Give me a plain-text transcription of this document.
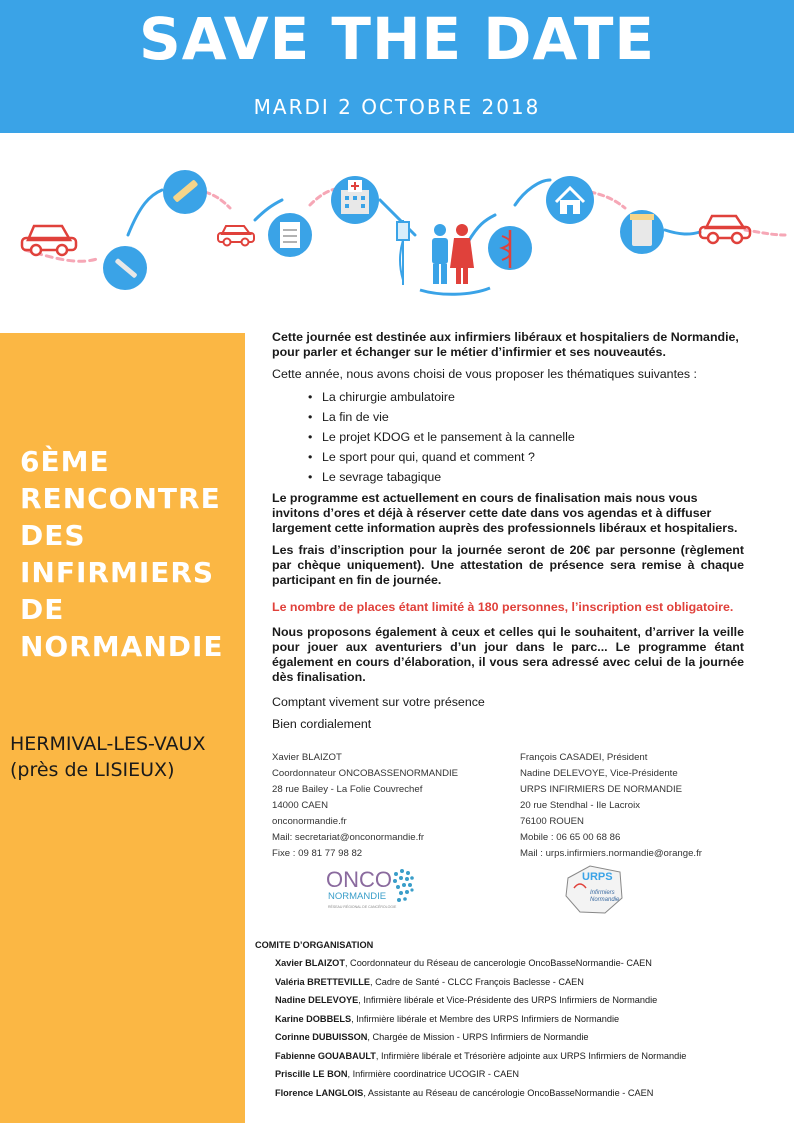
SAVE THE DATE
MARDI 2 OCTOBRE 2018
6ÈME
RENCONTRE
DES
INFIRMIERS
DE
NORMANDIE
HERMIVAL-LES-VAUX
(près de LISIEUX)

Cette journée est destinée aux infirmiers libéraux et hospitaliers de Normandie, pour parler et échanger sur le métier d’infirmier et ses nouveautés.

Cette année, nous avons choisi de vous proposer les thématiques suivantes :

• La chirurgie ambulatoire
• La fin de vie
• Le projet KDOG et le pansement à la cannelle
• Le sport pour qui, quand et comment ?
• Le sevrage tabagique

Le programme est actuellement en cours de finalisation mais nous vous invitons d’ores et déjà à réserver cette date dans vos agendas et à diffuser largement cette information auprès des professionnels libéraux et hospitaliers.

Les frais d’inscription pour la journée seront de 20€ par personne (règlement par chèque uniquement). Une attestation de présence sera remise à chaque participant en fin de journée.

Le nombre de places étant limité à 180 personnes, l’inscription est obligatoire.

Nous proposons également à ceux et celles qui le souhaitent, d’arriver la veille pour jouer aux aventuriers d’un jour dans le parc... Le programme étant également en cours d’élaboration, il vous sera adressé avec celui de la journée dès finalisation.

Comptant vivement sur votre présence

Bien cordialement

Xavier BLAIZOT
Coordonnateur ONCOBASSENORMANDIE
28 rue Bailey - La Folie Couvrechef
14000 CAEN
onconormandie.fr
Mail: secretariat@onconormandie.fr
Fixe : 09 81 77 98 82
François CASADEI, Président
Nadine DELEVOYE, Vice-Présidente
URPS INFIRMIERS DE NORMANDIE
20 rue Stendhal - Ile Lacroix
76100 ROUEN
Mobile : 06 65 00 68 86
Mail : urps.infirmiers.normandie@orange.fr
ONCO
NORMANDIE
RÉSEAU RÉGIONAL DE CANCÉROLOGIE
URPS
Infirmiers
Normandie
COMITE D’ORGANISATION
Xavier BLAIZOT, Coordonnateur du Réseau de cancerologie OncoBasseNormandie- CAEN
Valéria BRETTEVILLE, Cadre de Santé - CLCC François Baclesse - CAEN
Nadine DELEVOYE, Infirmière libérale et Vice-Présidente des URPS Infirmiers de Normandie
Karine DOBBELS, Infirmière libérale et Membre des URPS Infirmiers de Normandie
Corinne DUBUISSON, Chargée de Mission - URPS Infirmiers de Normandie
Fabienne GOUABAULT, Infirmière libérale et Trésorière adjointe aux URPS Infirmiers de Normandie
Priscille LE BON, Infirmière coordinatrice UCOGIR - CAEN
Florence LANGLOIS, Assistante au Réseau de cancérologie OncoBasseNormandie - CAEN
